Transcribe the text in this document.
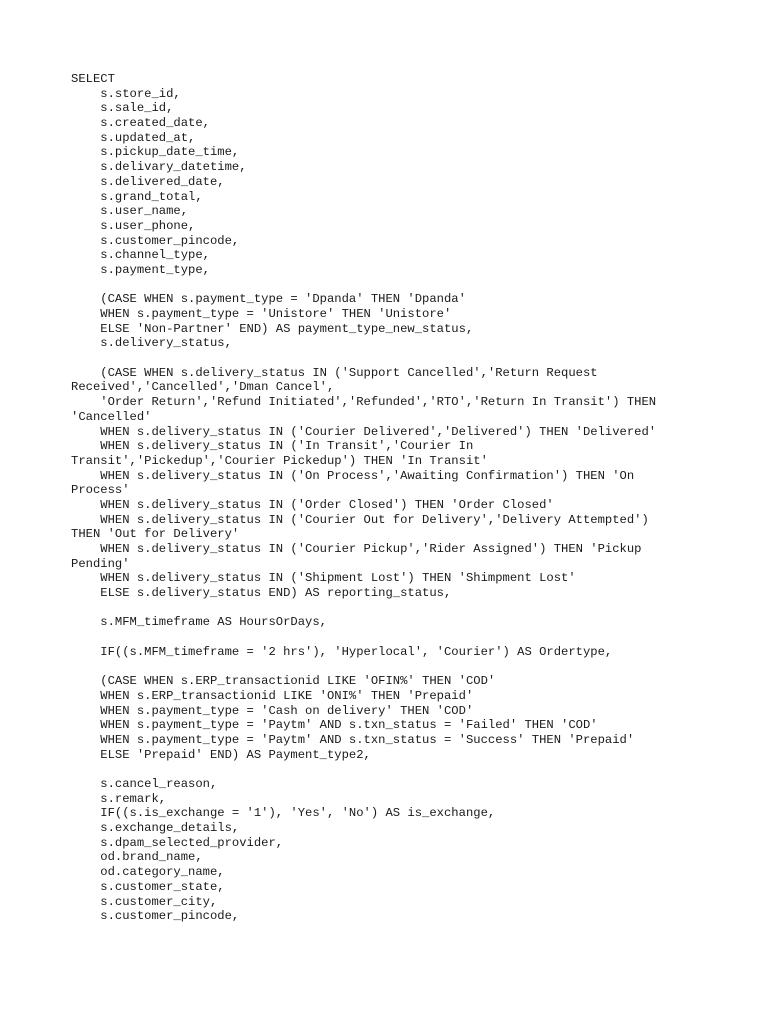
SELECT
s.store_id,
s.sale_id,
s.created_date,
s.updated_at,
s.pickup_date_time,
s.delivary_datetime,
s.delivered_date,
s.grand_total,
s.user_name,
s.user_phone,
s.customer_pincode,
s.channel_type,
s.payment_type,
(CASE WHEN s.payment_type = 'Dpanda' THEN 'Dpanda'
WHEN s.payment_type = 'Unistore' THEN 'Unistore'
ELSE 'Non-Partner' END) AS payment_type_new_status,
s.delivery_status,
(CASE WHEN s.delivery_status IN ('Support Cancelled','Return Request
Received','Cancelled','Dman Cancel',
'Order Return','Refund Initiated','Refunded','RTO','Return In Transit') THEN
'Cancelled'
WHEN s.delivery_status IN ('Courier Delivered','Delivered') THEN 'Delivered'
WHEN s.delivery_status IN ('In Transit','Courier In
Transit','Pickedup','Courier Pickedup') THEN 'In Transit'
WHEN s.delivery_status IN ('On Process','Awaiting Confirmation') THEN 'On
Process'
WHEN s.delivery_status IN ('Order Closed') THEN 'Order Closed'
WHEN s.delivery_status IN ('Courier Out for Delivery','Delivery Attempted')
THEN 'Out for Delivery'
WHEN s.delivery_status IN ('Courier Pickup','Rider Assigned') THEN 'Pickup
Pending'
WHEN s.delivery_status IN ('Shipment Lost') THEN 'Shimpment Lost'
ELSE s.delivery_status END) AS reporting_status,
s.MFM_timeframe AS HoursOrDays,
IF((s.MFM_timeframe = '2 hrs'), 'Hyperlocal', 'Courier') AS Ordertype,
(CASE WHEN s.ERP_transactionid LIKE 'OFIN%' THEN 'COD'
WHEN s.ERP_transactionid LIKE 'ONI%' THEN 'Prepaid'
WHEN s.payment_type = 'Cash on delivery' THEN 'COD'
WHEN s.payment_type = 'Paytm' AND s.txn_status = 'Failed' THEN 'COD'
WHEN s.payment_type = 'Paytm' AND s.txn_status = 'Success' THEN 'Prepaid'
ELSE 'Prepaid' END) AS Payment_type2,
s.cancel_reason,
s.remark,
IF((s.is_exchange = '1'), 'Yes', 'No') AS is_exchange,
s.exchange_details,
s.dpam_selected_provider,
od.brand_name,
od.category_name,
s.customer_state,
s.customer_city,
s.customer_pincode,
